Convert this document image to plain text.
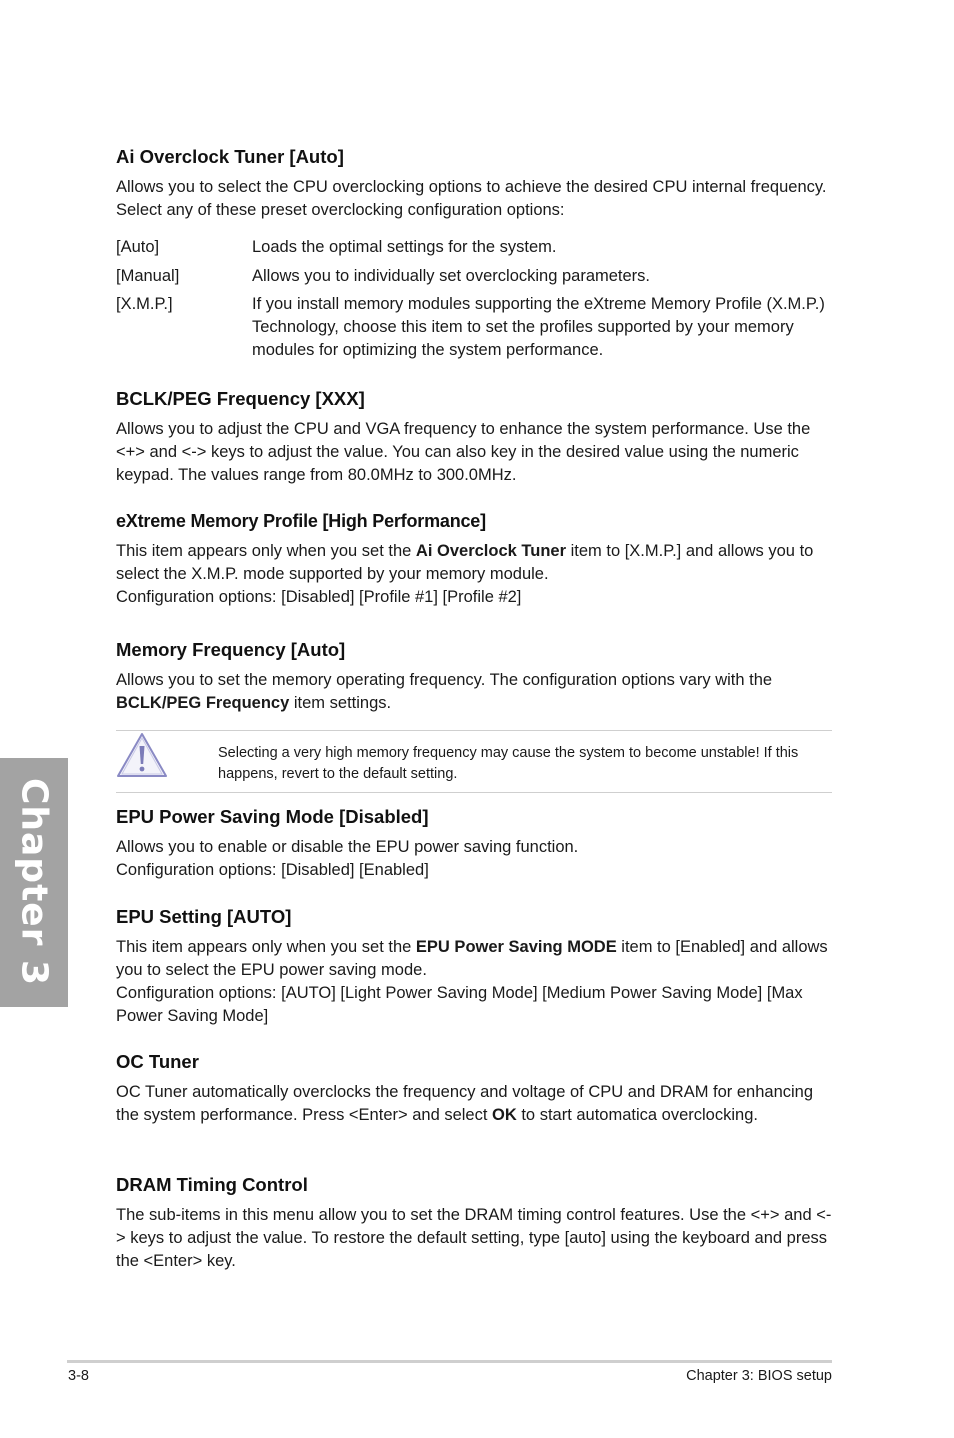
Chapter 3
Ai Overclock Tuner [Auto]

Allows you to select the CPU overclocking options to achieve the desired CPU internal frequency. Select any of these preset overclocking configuration options:

[Auto]	Loads the optimal settings for the system.
[Manual]	Allows you to individually set overclocking parameters.
[X.M.P.]	If you install memory modules supporting the eXtreme Memory Profile (X.M.P.) Technology, choose this item to set the profiles supported by your memory modules for optimizing the system performance.
BCLK/PEG Frequency [XXX]

Allows you to adjust the CPU and VGA frequency to enhance the system performance. Use the <+> and <-> keys to adjust the value. You can also key in the desired value using the numeric keypad. The values range from 80.0MHz to 300.0MHz.

eXtreme Memory Profile [High Performance]

This item appears only when you set the Ai Overclock Tuner item to [X.M.P.] and allows you to select the X.M.P. mode supported by your memory module.

Configuration options: [Disabled] [Profile #1] [Profile #2]

Memory Frequency [Auto]

Allows you to set the memory operating frequency. The configuration options vary with the BCLK/PEG Frequency item settings.

Selecting a very high memory frequency may cause the system to become unstable! If this happens, revert to the default setting.
EPU Power Saving Mode [Disabled]

Allows you to enable or disable the EPU power saving function.

Configuration options: [Disabled] [Enabled]

EPU Setting [AUTO]

This item appears only when you set the EPU Power Saving MODE item to [Enabled] and allows you to select the EPU power saving mode.

Configuration options: [AUTO] [Light Power Saving Mode] [Medium Power Saving Mode] [Max Power Saving Mode]

OC Tuner

OC Tuner automatically overclocks the frequency and voltage of CPU and DRAM for enhancing the system performance. Press <Enter> and select OK to start automatica overclocking.

DRAM Timing Control

The sub-items in this menu allow you to set the DRAM timing control features. Use the <+> and <-> keys to adjust the value. To restore the default setting, type [auto] using the keyboard and press the <Enter> key.

3-8	Chapter 3: BIOS setup
